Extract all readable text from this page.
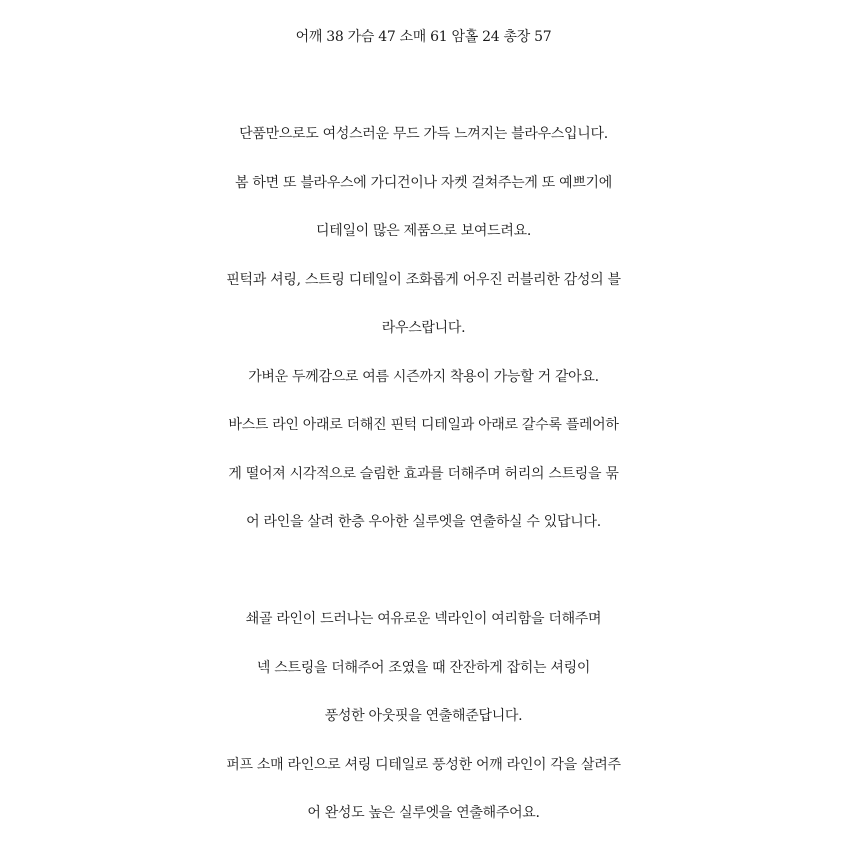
어깨 38 가슴 47 소매 61 암홀 24 총장 57
단품만으로도 여성스러운 무드 가득 느껴지는 블라우스입니다.
봄 하면 또 블라우스에 가디건이나 자켓 걸쳐주는게 또 예쁘기에
디테일이 많은 제품으로 보여드려요.
핀턱과 셔링, 스트링 디테일이 조화롭게 어우진 러블리한 감성의 블
라우스랍니다.
가벼운 두께감으로 여름 시즌까지 착용이 가능할 거 같아요.
바스트 라인 아래로 더해진 핀턱 디테일과 아래로 갈수록 플레어하
게 떨어져 시각적으로 슬림한 효과를 더해주며 허리의 스트링을 묶
어 라인을 살려 한층 우아한 실루엣을 연출하실 수 있답니다.
쇄골 라인이 드러나는 여유로운 넥라인이 여리함을 더해주며
넥 스트링을 더해주어 조였을 때 잔잔하게 잡히는 셔링이
풍성한 아웃핏을 연출해준답니다.
퍼프 소매 라인으로 셔링 디테일로 풍성한 어깨 라인이 각을 살려주
어 완성도 높은 실루엣을 연출해주어요.
